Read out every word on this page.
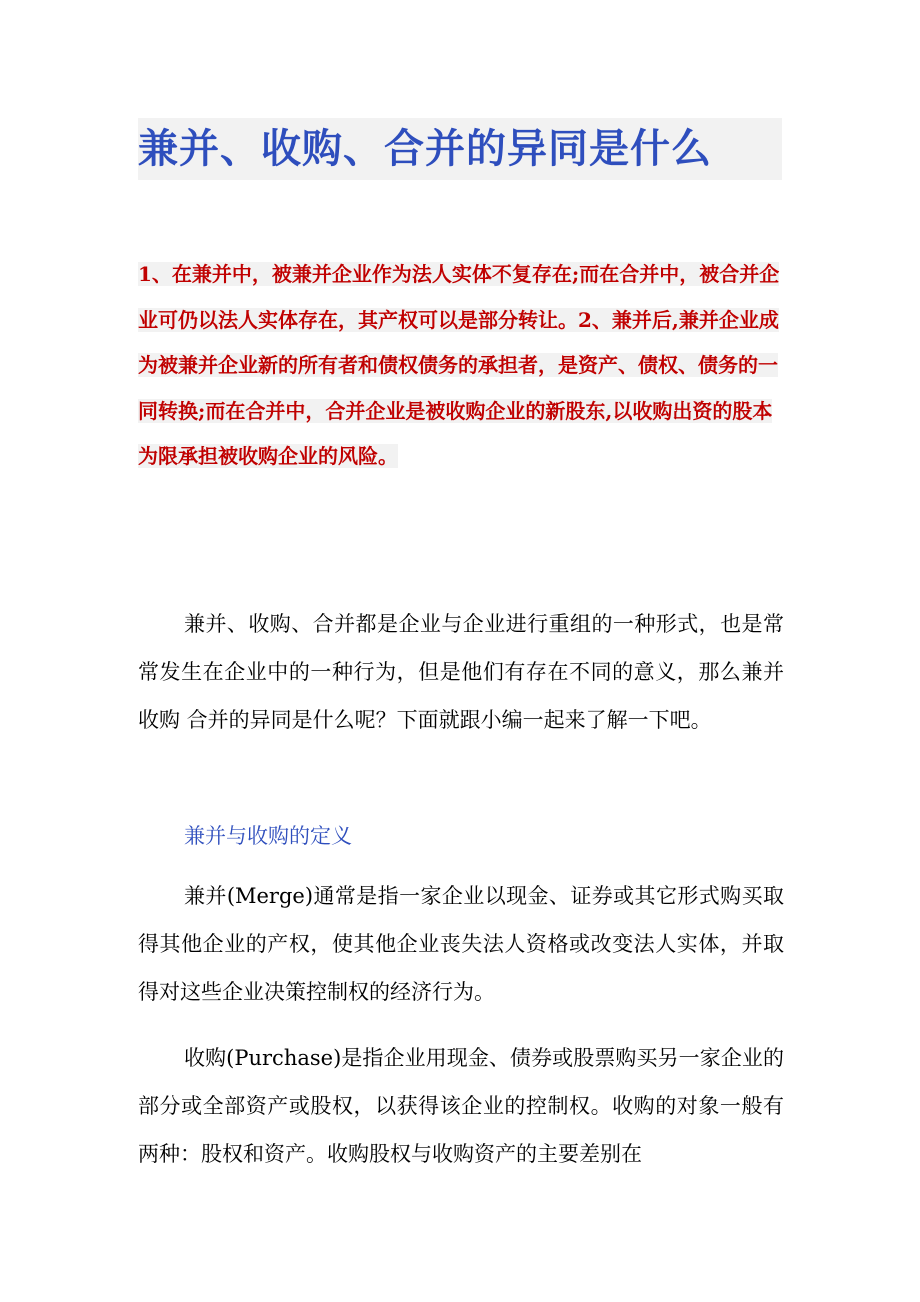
兼并、收购、合并的异同是什么
1、在兼并中，被兼并企业作为法人实体不复存在;而在合并中，被合并企业可仍以法人实体存在，其产权可以是部分转让。2、兼并后,兼并企业成为被兼并企业新的所有者和债权债务的承担者，是资产、债权、债务的一同转换;而在合并中，合并企业是被收购企业的新股东,以收购出资的股本为限承担被收购企业的风险。

兼并、收购、合并都是企业与企业进行重组的一种形式，也是常常发生在企业中的一种行为，但是他们有存在不同的意义，那么兼并 收购 合并的异同是什么呢？下面就跟小编一起来了解一下吧。

兼并与收购的定义

兼并(Merge)通常是指一家企业以现金、证券或其它形式购买取得其他企业的产权，使其他企业丧失法人资格或改变法人实体，并取得对这些企业决策控制权的经济行为。

收购(Purchase)是指企业用现金、债券或股票购买另一家企业的部分或全部资产或股权，以获得该企业的控制权。收购的对象一般有两种：股权和资产。收购股权与收购资产的主要差别在
